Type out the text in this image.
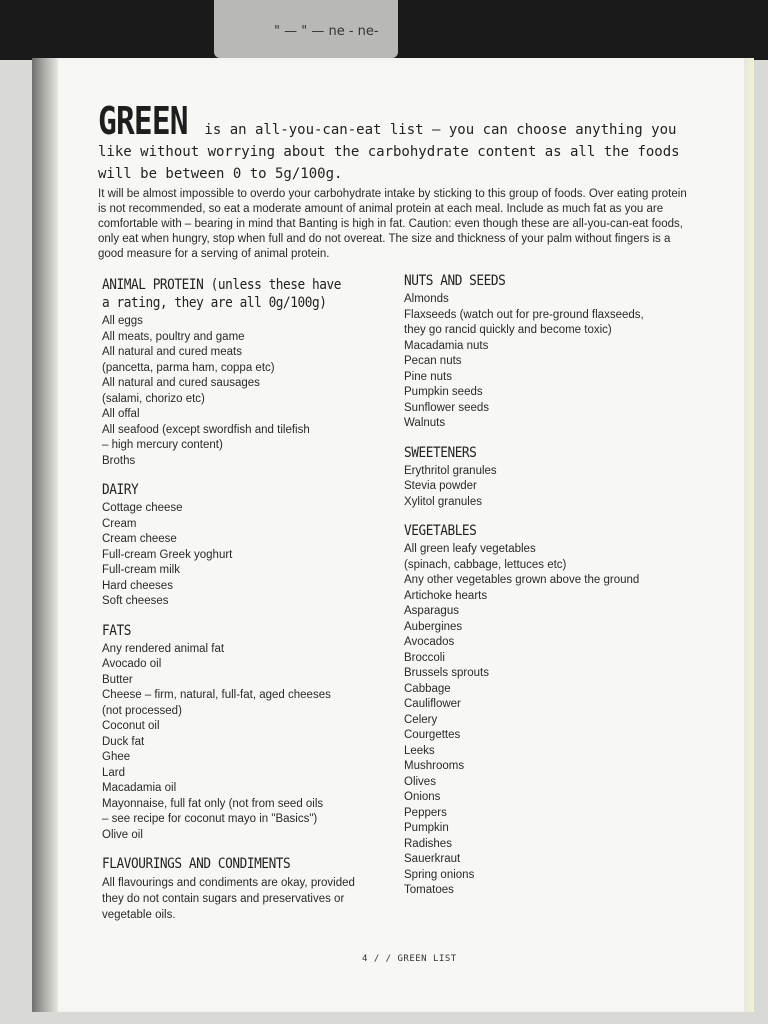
" — " — ne - ne-
GREEN is an all-you-can-eat list – you can choose anything you like without worrying about the carbohydrate content as all the foods will be between 0 to 5g/100g.
It will be almost impossible to overdo your carbohydrate intake by sticking to this group of foods. Over eating protein is not recommended, so eat a moderate amount of animal protein at each meal. Include as much fat as you are comfortable with – bearing in mind that Banting is high in fat. Caution: even though these are all-you-can-eat foods, only eat when hungry, stop when full and do not overeat. The size and thickness of your palm without fingers is a good measure for a serving of animal protein.
ANIMAL PROTEIN (unless these have a rating, they are all 0g/100g)
All eggs
All meats, poultry and game
All natural and cured meats
(pancetta, parma ham, coppa etc)
All natural and cured sausages
(salami, chorizo etc)
All offal
All seafood (except swordfish and tilefish
– high mercury content)
Broths
DAIRY
Cottage cheese
Cream
Cream cheese
Full-cream Greek yoghurt
Full-cream milk
Hard cheeses
Soft cheeses
FATS
Any rendered animal fat
Avocado oil
Butter
Cheese – firm, natural, full-fat, aged cheeses
(not processed)
Coconut oil
Duck fat
Ghee
Lard
Macadamia oil
Mayonnaise, full fat only (not from seed oils
– see recipe for coconut mayo in "Basics")
Olive oil
FLAVOURINGS AND CONDIMENTS
All flavourings and condiments are okay, provided they do not contain sugars and preservatives or vegetable oils.
NUTS AND SEEDS
Almonds
Flaxseeds (watch out for pre-ground flaxseeds,
they go rancid quickly and become toxic)
Macadamia nuts
Pecan nuts
Pine nuts
Pumpkin seeds
Sunflower seeds
Walnuts
SWEETENERS
Erythritol granules
Stevia powder
Xylitol granules
VEGETABLES
All green leafy vegetables
(spinach, cabbage, lettuces etc)
Any other vegetables grown above the ground
Artichoke hearts
Asparagus
Aubergines
Avocados
Broccoli
Brussels sprouts
Cabbage
Cauliflower
Celery
Courgettes
Leeks
Mushrooms
Olives
Onions
Peppers
Pumpkin
Radishes
Sauerkraut
Spring onions
Tomatoes
4 / / GREEN LIST
